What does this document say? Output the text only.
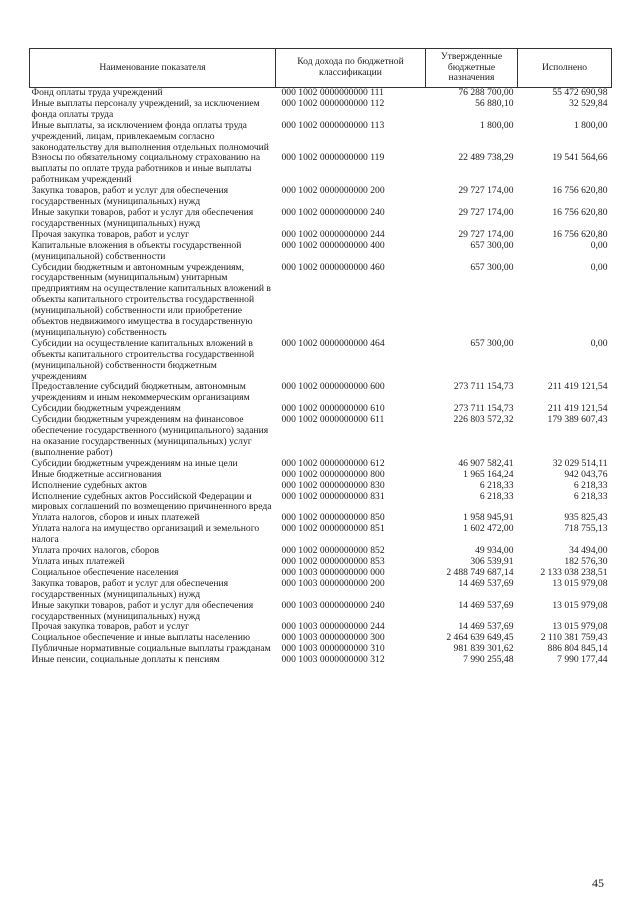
Наименование показателя	Код дохода по бюджетной классификации	Утвержденные бюджетные назначения	Исполнено
Фонд оплаты труда учреждений	000 1002 0000000000 111	76 288 700,00	55 472 690,98
Иные выплаты персоналу учреждений, за исключением фонда оплаты труда	000 1002 0000000000 112	56 880,10	32 529,84
Иные выплаты, за исключением фонда оплаты труда учреждений, лицам, привлекаемым согласно законодательству для выполнения отдельных полномочий	000 1002 0000000000 113	1 800,00	1 800,00
Взносы по обязательному социальному страхованию на выплаты по оплате труда работников и иные выплаты работникам учреждений	000 1002 0000000000 119	22 489 738,29	19 541 564,66
Закупка товаров, работ и услуг для обеспечения государственных (муниципальных) нужд	000 1002 0000000000 200	29 727 174,00	16 756 620,80
Иные закупки товаров, работ и услуг для обеспечения государственных (муниципальных) нужд	000 1002 0000000000 240	29 727 174,00	16 756 620,80
Прочая закупка товаров, работ и услуг	000 1002 0000000000 244	29 727 174,00	16 756 620,80
Капитальные вложения в объекты государственной (муниципальной) собственности	000 1002 0000000000 400	657 300,00	0,00
Субсидии бюджетным и автономным учреждениям, государственным (муниципальным) унитарным предприятиям на осуществление капитальных вложений в объекты капитального строительства государственной (муниципальной) собственности или приобретение объектов недвижимого имущества в государственную (муниципальную) собственность	000 1002 0000000000 460	657 300,00	0,00
Субсидии на осуществление капитальных вложений в объекты капитального строительства государственной (муниципальной) собственности бюджетным учреждениям	000 1002 0000000000 464	657 300,00	0,00
Предоставление субсидий бюджетным, автономным учреждениям и иным некоммерческим организациям	000 1002 0000000000 600	273 711 154,73	211 419 121,54
Субсидии бюджетным учреждениям	000 1002 0000000000 610	273 711 154,73	211 419 121,54
Субсидии бюджетным учреждениям на финансовое обеспечение государственного (муниципального) задания на оказание государственных (муниципальных) услуг (выполнение работ)	000 1002 0000000000 611	226 803 572,32	179 389 607,43
Субсидии бюджетным учреждениям на иные цели	000 1002 0000000000 612	46 907 582,41	32 029 514,11
Иные бюджетные ассигнования	000 1002 0000000000 800	1 965 164,24	942 043,76
Исполнение судебных актов	000 1002 0000000000 830	6 218,33	6 218,33
Исполнение судебных актов Российской Федерации и мировых соглашений по возмещению причиненного вреда	000 1002 0000000000 831	6 218,33	6 218,33
Уплата налогов, сборов и иных платежей	000 1002 0000000000 850	1 958 945,91	935 825,43
Уплата налога на имущество организаций и земельного налога	000 1002 0000000000 851	1 602 472,00	718 755,13
Уплата прочих налогов, сборов	000 1002 0000000000 852	49 934,00	34 494,00
Уплата иных платежей	000 1002 0000000000 853	306 539,91	182 576,30
Социальное обеспечение населения	000 1003 0000000000 000	2 488 749 687,14	2 133 038 238,51
Закупка товаров, работ и услуг для обеспечения государственных (муниципальных) нужд	000 1003 0000000000 200	14 469 537,69	13 015 979,08
Иные закупки товаров, работ и услуг для обеспечения государственных (муниципальных) нужд	000 1003 0000000000 240	14 469 537,69	13 015 979,08
Прочая закупка товаров, работ и услуг	000 1003 0000000000 244	14 469 537,69	13 015 979,08
Социальное обеспечение и иные выплаты населению	000 1003 0000000000 300	2 464 639 649,45	2 110 381 759,43
Публичные нормативные социальные выплаты гражданам	000 1003 0000000000 310	981 839 301,62	886 804 845,14
Иные пенсии, социальные доплаты к пенсиям	000 1003 0000000000 312	7 990 255,48	7 990 177,44
45
